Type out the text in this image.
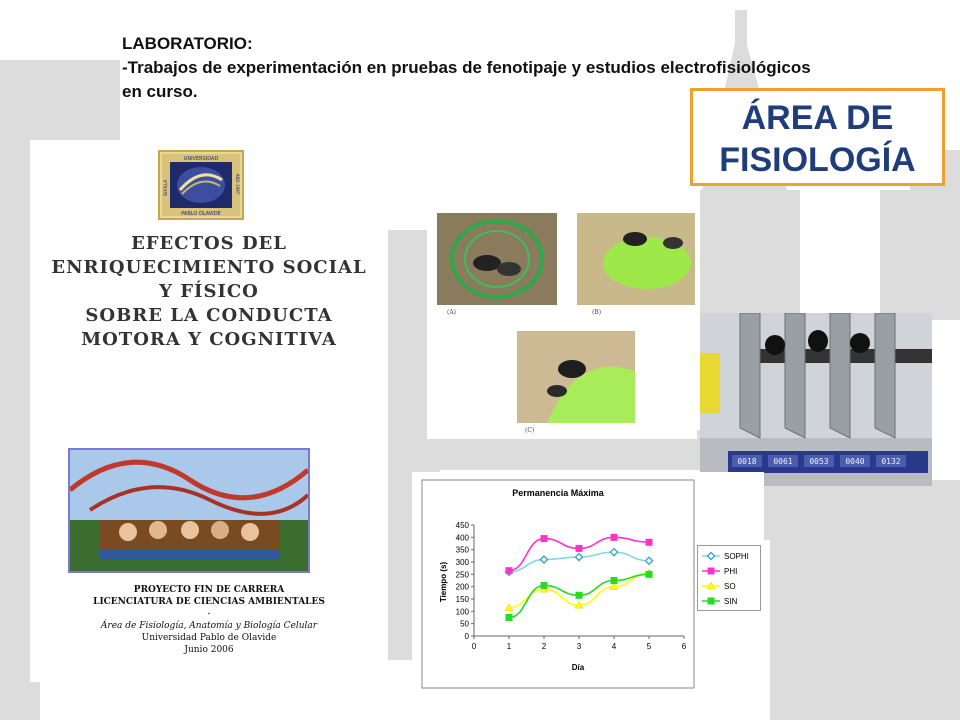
LABORATORIO:
-Trabajos de experimentación en pruebas de fenotipaje y estudios electrofisiológicos en curso.
ÁREA DE
FISIOLOGÍA
UNIVERSIDAD
PABLO OLAVIDE
SEVILLA	AÑO 1997
EFECTOS DEL
ENRIQUECIMIENTO SOCIAL
Y FÍSICO
SOBRE LA CONDUCTA
MOTORA Y COGNITIVA
PROYECTO FIN DE CARRERA
LICENCIATURA DE CIENCIAS AMBIENTALES
-
Área de Fisiología, Anatomía y Biología Celular
Universidad Pablo de Olavide
Junio 2006
(A)	(B)
(C)
0018 0061 0053 0040 0132
Permanencia Máxima
Tiempo (s)
Día
0
50
100
150
200
250
300
350
400
450
0	1	2	3	4	5	6
SOPHI
PHI
SO
SIN
